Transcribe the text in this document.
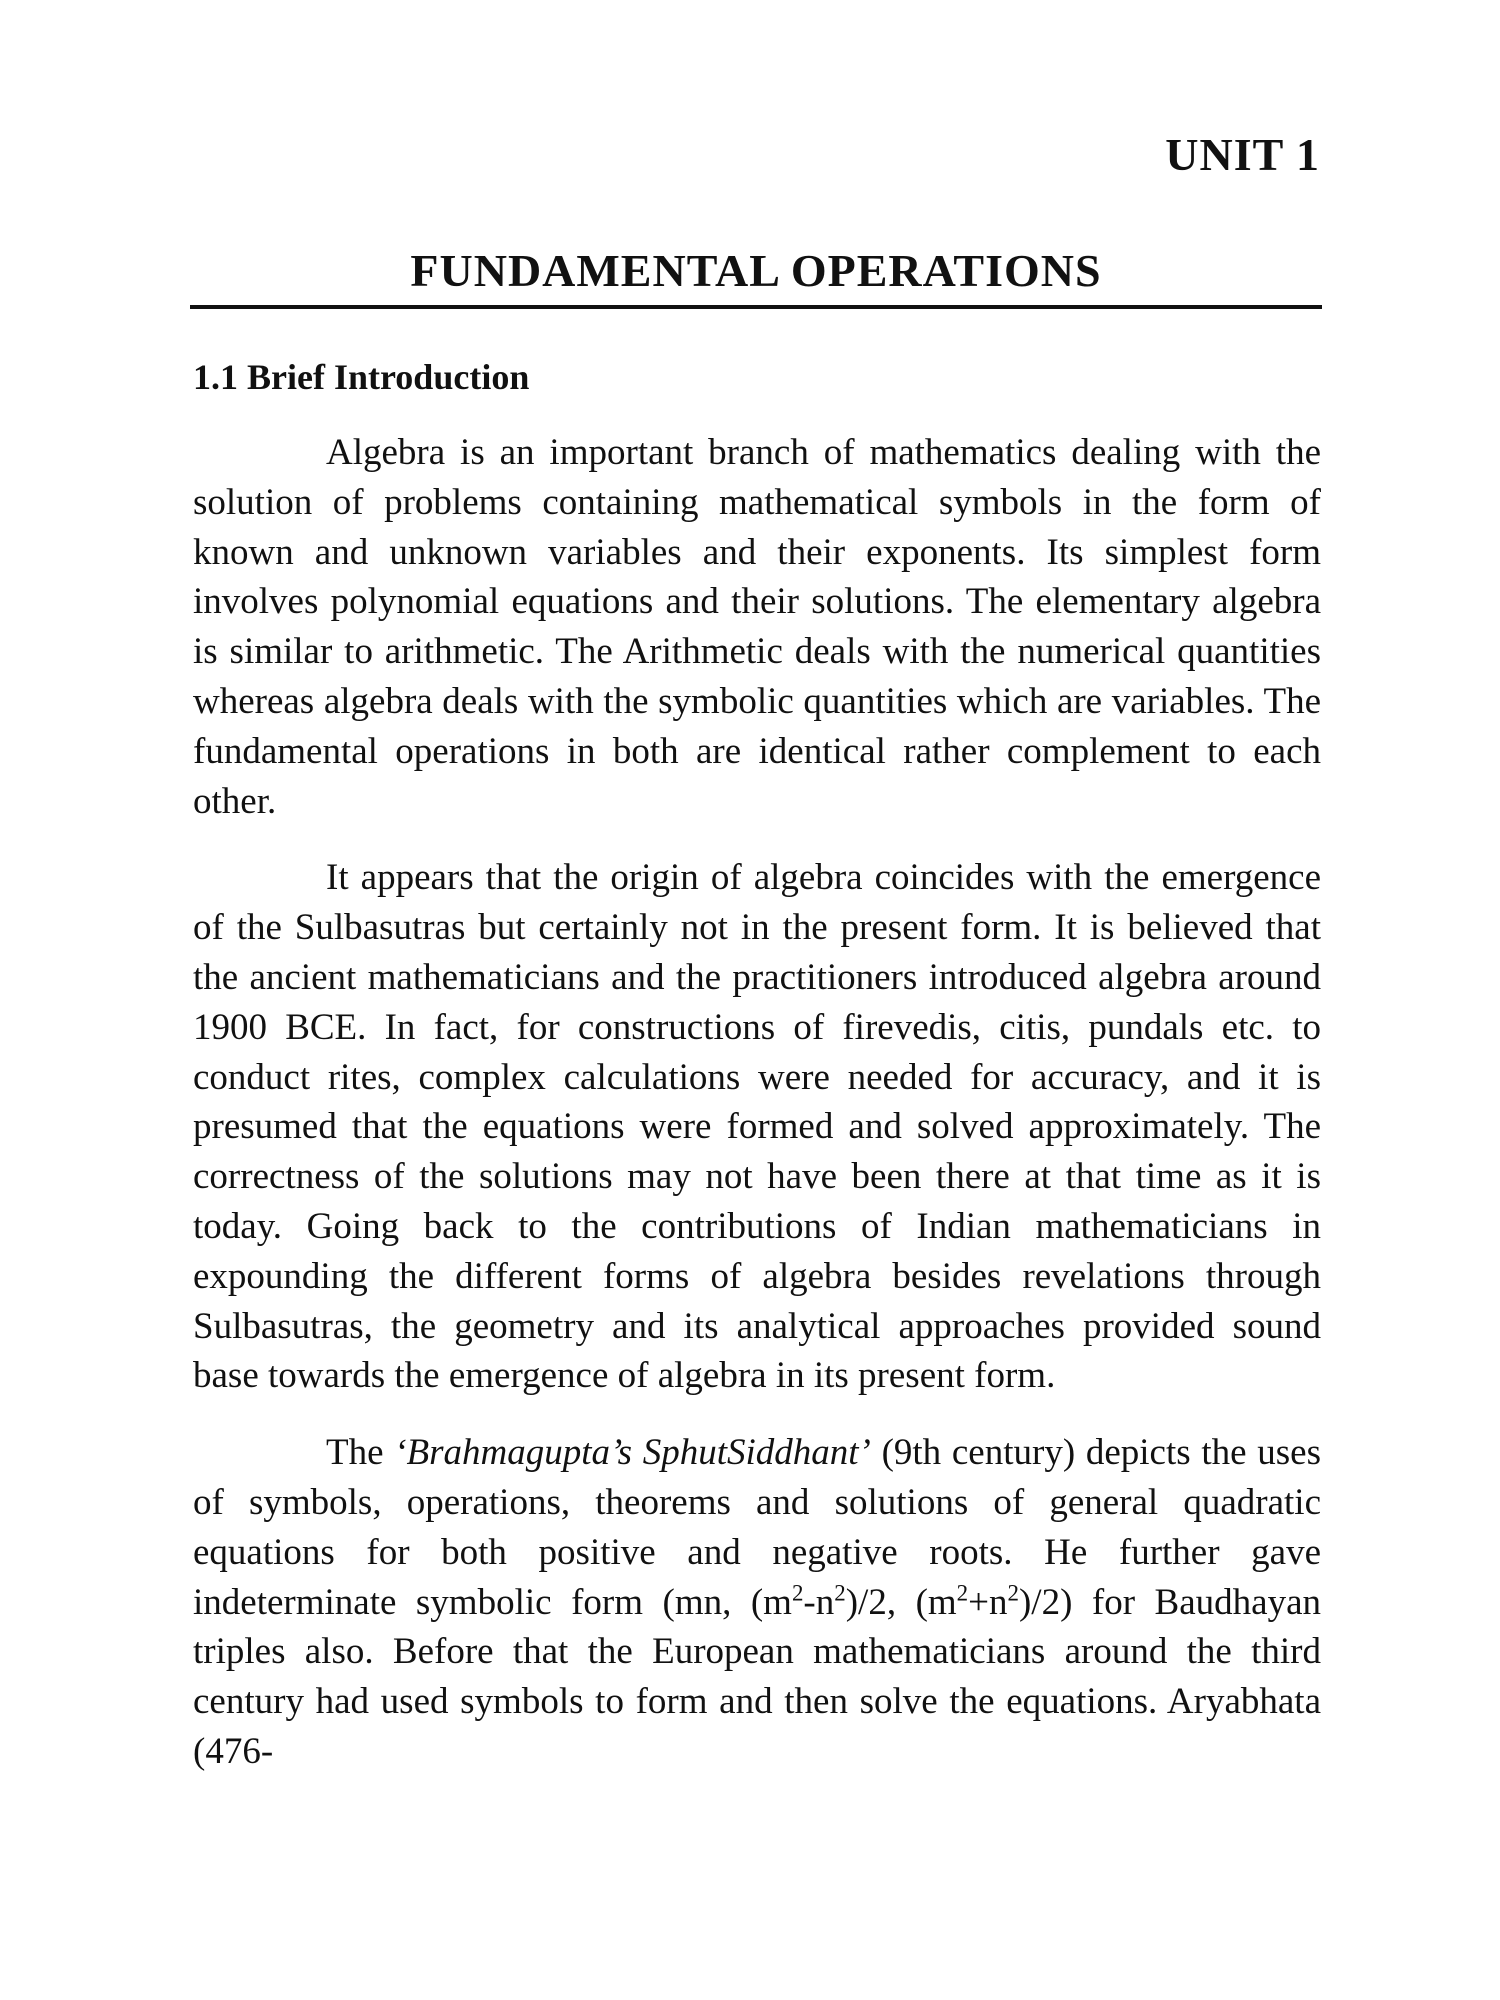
UNIT 1
FUNDAMENTAL OPERATIONS
1.1 Brief Introduction

Algebra is an important branch of mathematics dealing with the solution of problems containing mathematical symbols in the form of known and unknown variables and their exponents. Its simplest form involves polynomial equations and their solutions. The elementary algebra is similar to arithmetic. The Arithmetic deals with the numerical quantities whereas algebra deals with the symbolic quantities which are variables. The fundamental operations in both are identical rather complement to each other.

It appears that the origin of algebra coincides with the emergence of the Sulbasutras but certainly not in the present form. It is believed that the ancient mathematicians and the practitioners introduced algebra around 1900 BCE. In fact, for constructions of firevedis, citis, pundals etc. to conduct rites, complex calculations were needed for accuracy, and it is presumed that the equations were formed and solved approximately. The correctness of the solutions may not have been there at that time as it is today. Going back to the contributions of Indian mathematicians in expounding the different forms of algebra besides revelations through Sulbasutras, the geometry and its analytical approaches provided sound base towards the emergence of algebra in its present form.

The ‘Brahmagupta’s SphutSiddhant’ (9th century) depicts the uses of symbols, operations, theorems and solutions of general quadratic equations for both positive and negative roots. He further gave indeterminate symbolic form (mn, $(m^2-n^2)/2$, $(m^2+n^2)/2$) for Baudhayan triples also. Before that the European mathematicians around the third century had used symbols to form and then solve the equations. Aryabhata (476-
